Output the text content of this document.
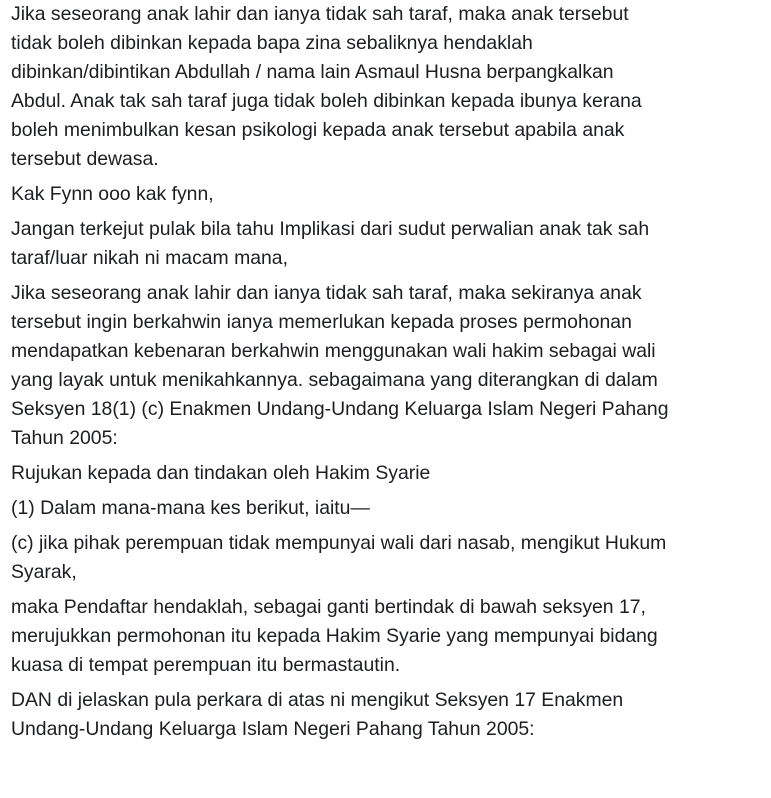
Jika seseorang anak lahir dan ianya tidak sah taraf, maka anak tersebut
tidak boleh dibinkan kepada bapa zina sebaliknya hendaklah
dibinkan/dibintikan Abdullah / nama lain Asmaul Husna berpangkalkan
Abdul. Anak tak sah taraf juga tidak boleh dibinkan kepada ibunya kerana
boleh menimbulkan kesan psikologi kepada anak tersebut apabila anak
tersebut dewasa.

Kak Fynn ooo kak fynn,

Jangan terkejut pulak bila tahu Implikasi dari sudut perwalian anak tak sah
taraf/luar nikah ni macam mana,

Jika seseorang anak lahir dan ianya tidak sah taraf, maka sekiranya anak
tersebut ingin berkahwin ianya memerlukan kepada proses permohonan
mendapatkan kebenaran berkahwin menggunakan wali hakim sebagai wali
yang layak untuk menikahkannya. sebagaimana yang diterangkan di dalam
Seksyen 18(1) (c) Enakmen Undang-Undang Keluarga Islam Negeri Pahang
Tahun 2005:

Rujukan kepada dan tindakan oleh Hakim Syarie

(1) Dalam mana-mana kes berikut, iaitu—

(c) jika pihak perempuan tidak mempunyai wali dari nasab, mengikut Hukum
Syarak,

maka Pendaftar hendaklah, sebagai ganti bertindak di bawah seksyen 17,
merujukkan permohonan itu kepada Hakim Syarie yang mempunyai bidang
kuasa di tempat perempuan itu bermastautin.

DAN di jelaskan pula perkara di atas ni mengikut Seksyen 17 Enakmen
Undang-Undang Keluarga Islam Negeri Pahang Tahun 2005:
